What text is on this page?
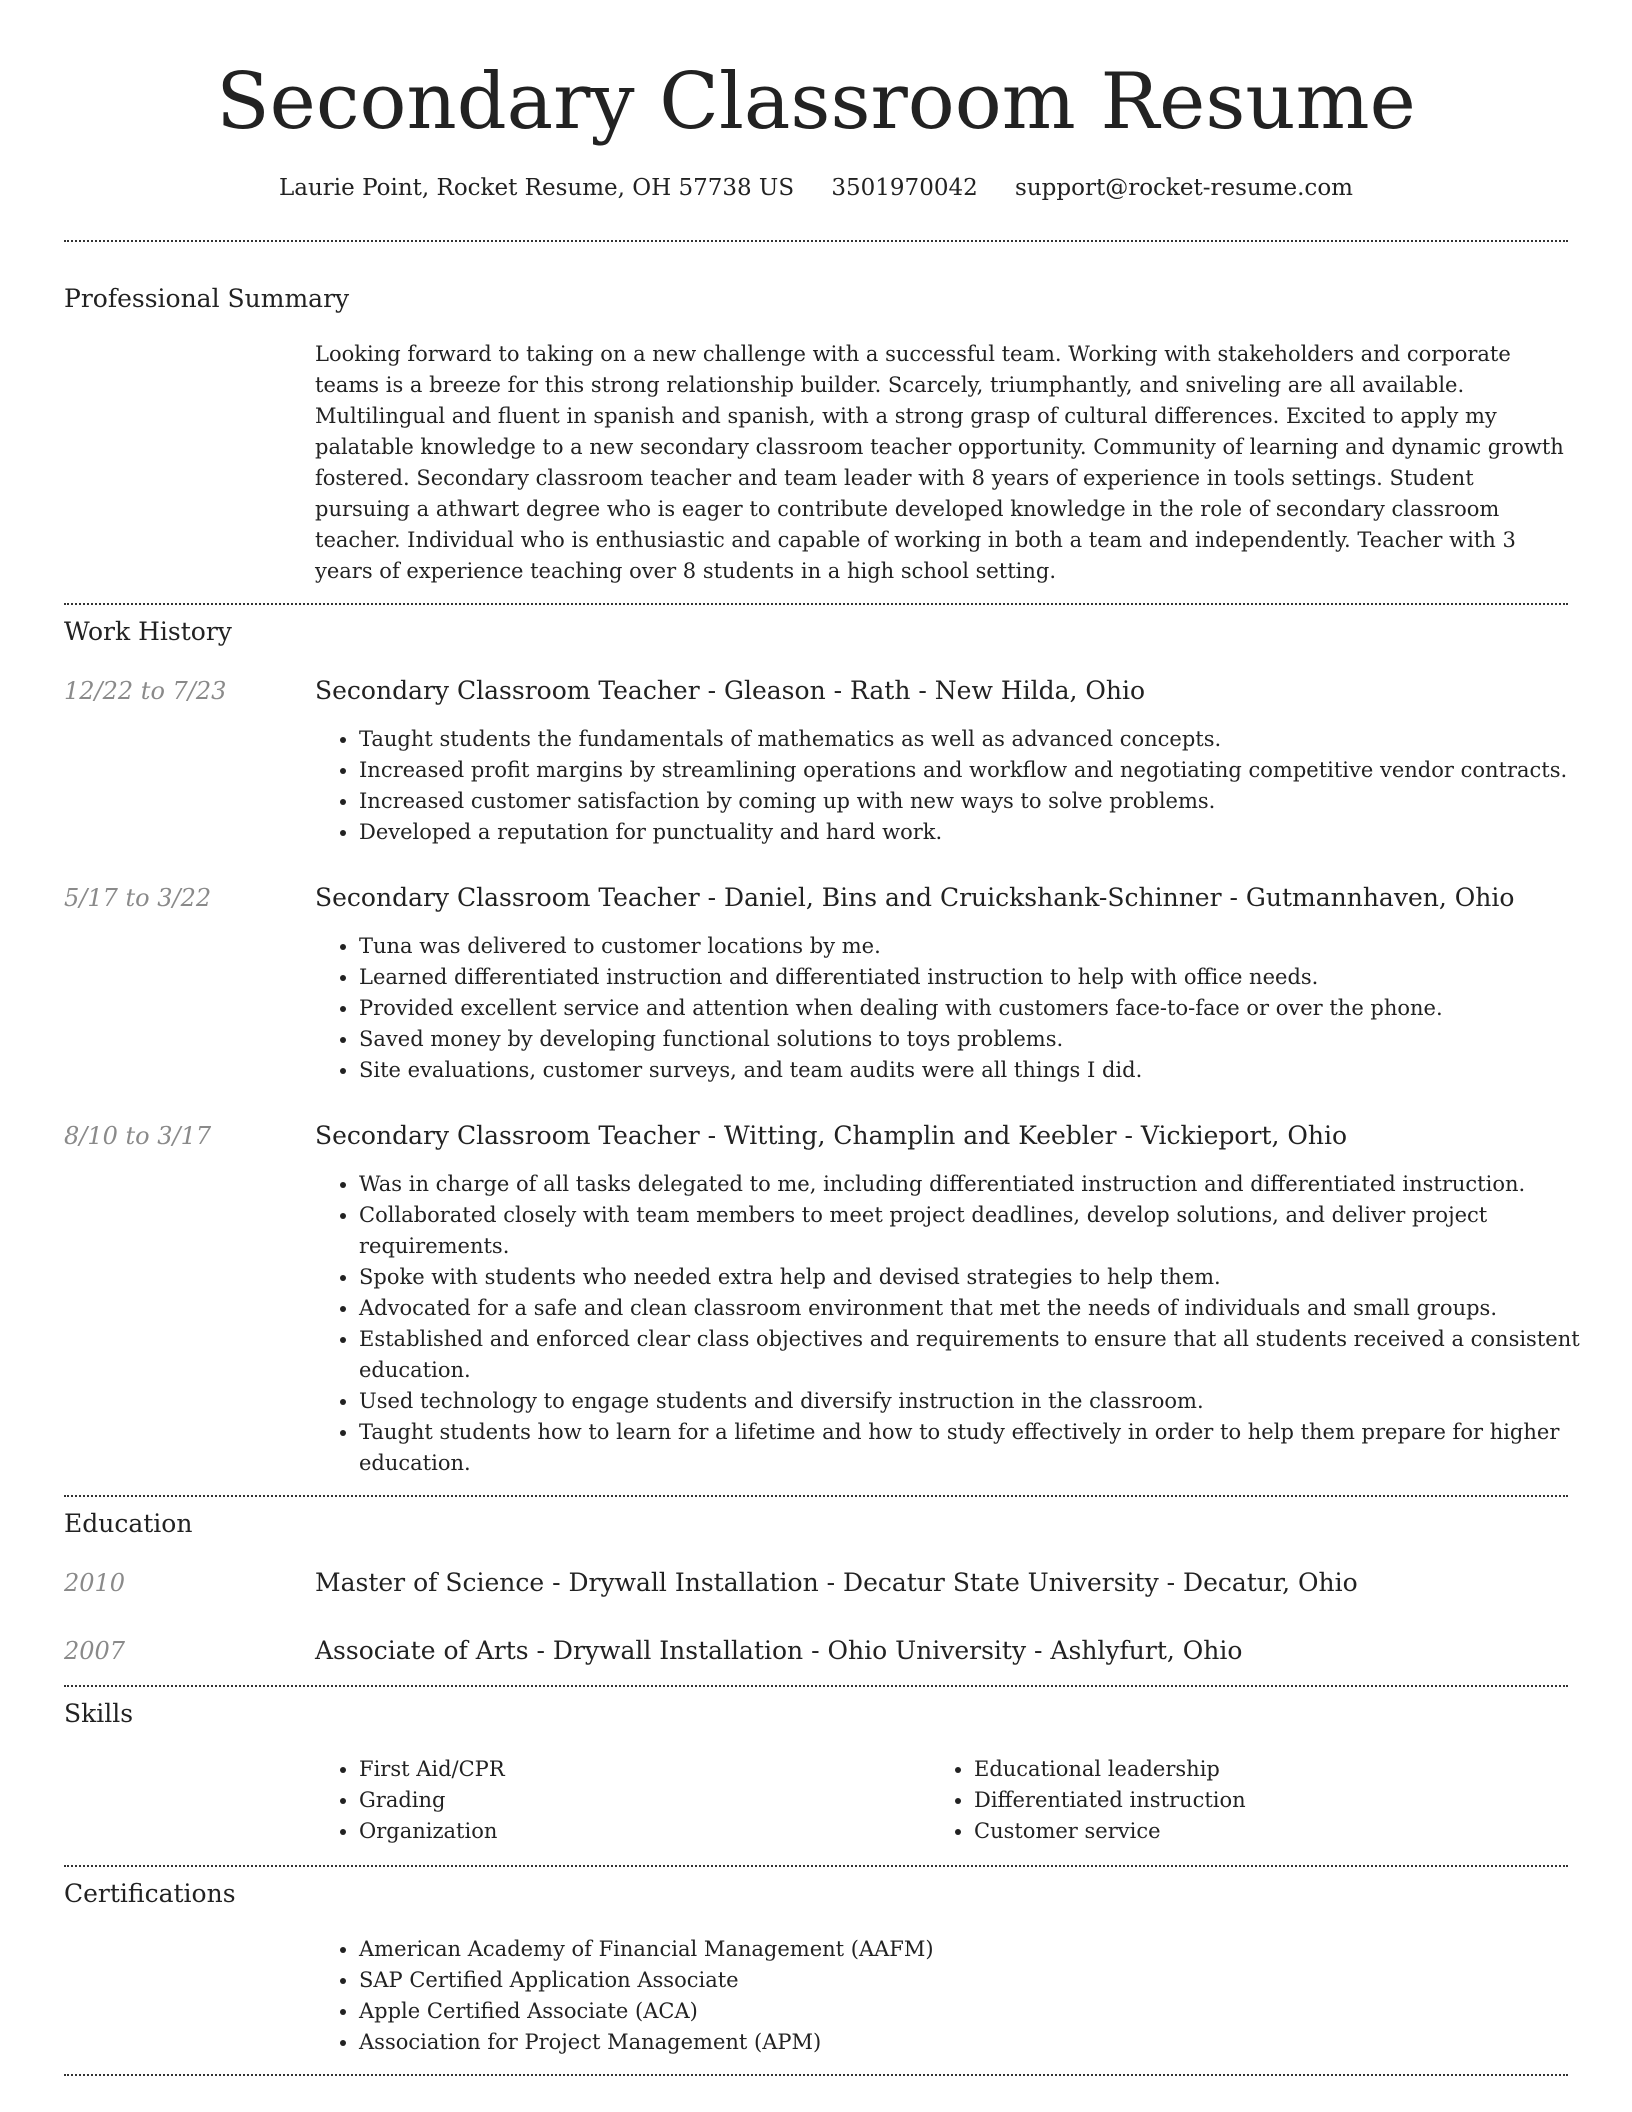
Secondary Classroom Resume
Laurie Point, Rocket Resume, OH 57738 US 3501970042 support@rocket-resume.com
Professional Summary

Looking forward to taking on a new challenge with a successful team. Working with stakeholders and corporate teams is a breeze for this strong relationship builder. Scarcely, triumphantly, and sniveling are all available. Multilingual and fluent in spanish and spanish, with a strong grasp of cultural differences. Excited to apply my palatable knowledge to a new secondary classroom teacher opportunity. Community of learning and dynamic growth fostered. Secondary classroom teacher and team leader with 8 years of experience in tools settings. Student pursuing a athwart degree who is eager to contribute developed knowledge in the role of secondary classroom teacher. Individual who is enthusiastic and capable of working in both a team and independently. Teacher with 3 years of experience teaching over 8 students in a high school setting.

Work History
12/22 to 7/23	Secondary Classroom Teacher - Gleason - Rath - New Hilda, Ohio
• Taught students the fundamentals of mathematics as well as advanced concepts.
• Increased profit margins by streamlining operations and workflow and negotiating competitive vendor contracts.
• Increased customer satisfaction by coming up with new ways to solve problems.
• Developed a reputation for punctuality and hard work.
5/17 to 3/22	Secondary Classroom Teacher - Daniel, Bins and Cruickshank-Schinner - Gutmannhaven, Ohio
• Tuna was delivered to customer locations by me.
• Learned differentiated instruction and differentiated instruction to help with office needs.
• Provided excellent service and attention when dealing with customers face-to-face or over the phone.
• Saved money by developing functional solutions to toys problems.
• Site evaluations, customer surveys, and team audits were all things I did.
8/10 to 3/17	Secondary Classroom Teacher - Witting, Champlin and Keebler - Vickieport, Ohio
• Was in charge of all tasks delegated to me, including differentiated instruction and differentiated instruction.
• Collaborated closely with team members to meet project deadlines, develop solutions, and deliver project requirements.
• Spoke with students who needed extra help and devised strategies to help them.
• Advocated for a safe and clean classroom environment that met the needs of individuals and small groups.
• Established and enforced clear class objectives and requirements to ensure that all students received a consistent education.
• Used technology to engage students and diversify instruction in the classroom.
• Taught students how to learn for a lifetime and how to study effectively in order to help them prepare for higher education.
Education
2010	Master of Science - Drywall Installation - Decatur State University - Decatur, Ohio
2007	Associate of Arts - Drywall Installation - Ohio University - Ashlyfurt, Ohio
Skills
• First Aid/CPR
• Grading
• Organization
• Educational leadership
• Differentiated instruction
• Customer service
Certifications
• American Academy of Financial Management (AAFM)
• SAP Certified Application Associate
• Apple Certified Associate (ACA)
• Association for Project Management (APM)
